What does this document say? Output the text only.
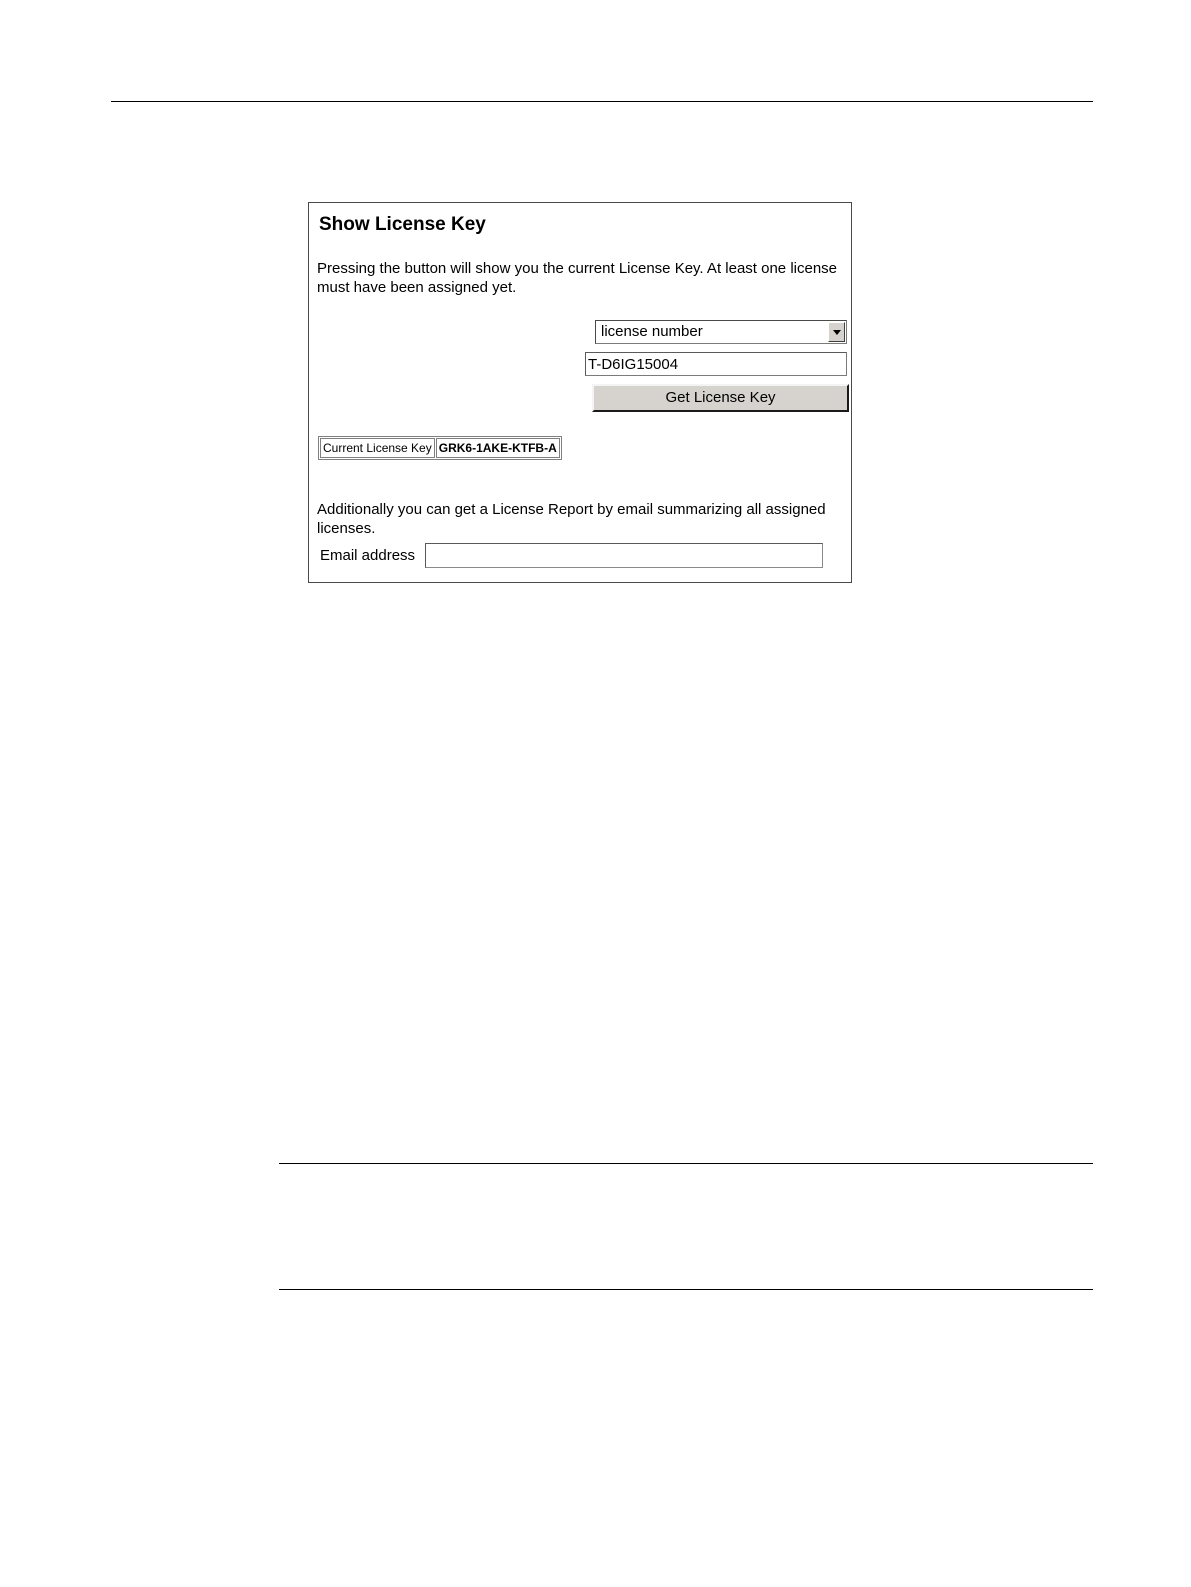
Show License Key
Pressing the button will show you the current License Key. At least one license must have been assigned yet.
license number
T-D6IG15004
Get License Key
Current License Key	GRK6-1AKE-KTFB-A
Additionally you can get a License Report by email summarizing all assigned licenses.
Email address
